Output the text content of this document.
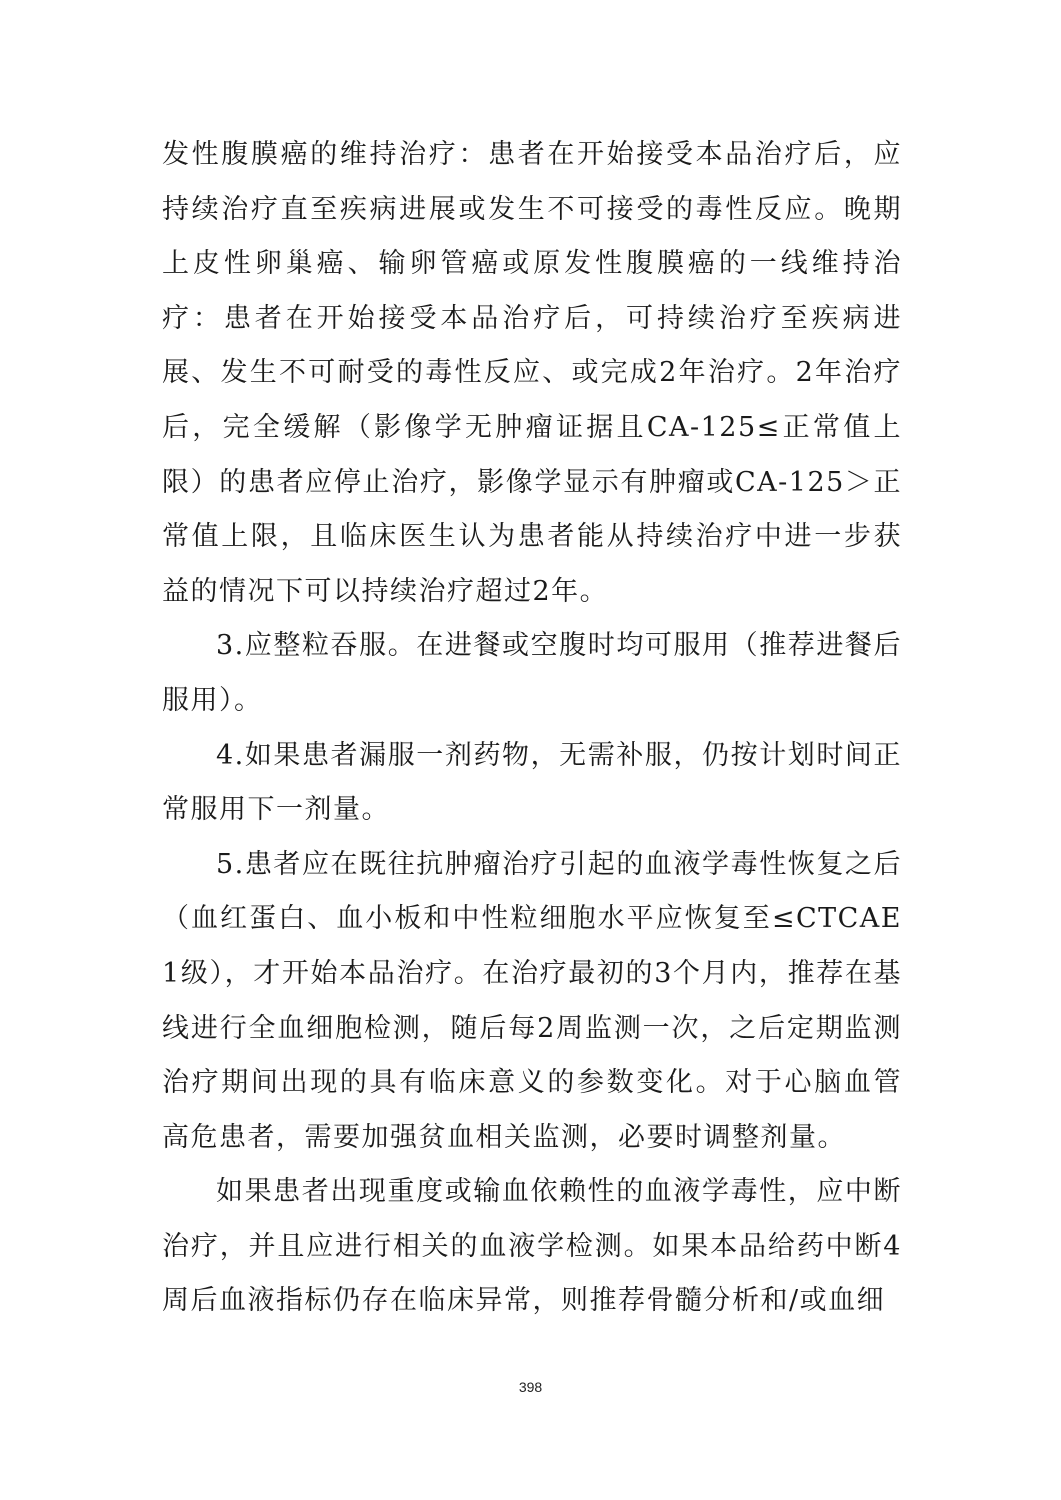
发性腹膜癌的维持治疗：患者在开始接受本品治疗后，应持续治疗直至疾病进展或发生不可接受的毒性反应。晚期上皮性卵巢癌、输卵管癌或原发性腹膜癌的一线维持治疗：患者在开始接受本品治疗后，可持续治疗至疾病进展、发生不可耐受的毒性反应、或完成2年治疗。2年治疗后，完全缓解（影像学无肿瘤证据且CA-125≤正常值上限）的患者应停止治疗，影像学显示有肿瘤或CA-125＞正常值上限，且临床医生认为患者能从持续治疗中进一步获益的情况下可以持续治疗超过2年。

3.应整粒吞服。在进餐或空腹时均可服用（推荐进餐后服用）。

4.如果患者漏服一剂药物，无需补服，仍按计划时间正常服用下一剂量。

5.患者应在既往抗肿瘤治疗引起的血液学毒性恢复之后（血红蛋白、血小板和中性粒细胞水平应恢复至≤CTCAE 1级），才开始本品治疗。在治疗最初的3个月内，推荐在基线进行全血细胞检测，随后每2周监测一次，之后定期监测治疗期间出现的具有临床意义的参数变化。对于心脑血管高危患者，需要加强贫血相关监测，必要时调整剂量。

如果患者出现重度或输血依赖性的血液学毒性，应中断治疗，并且应进行相关的血液学检测。如果本品给药中断4周后血液指标仍存在临床异常，则推荐骨髓分析和/或血细

398
